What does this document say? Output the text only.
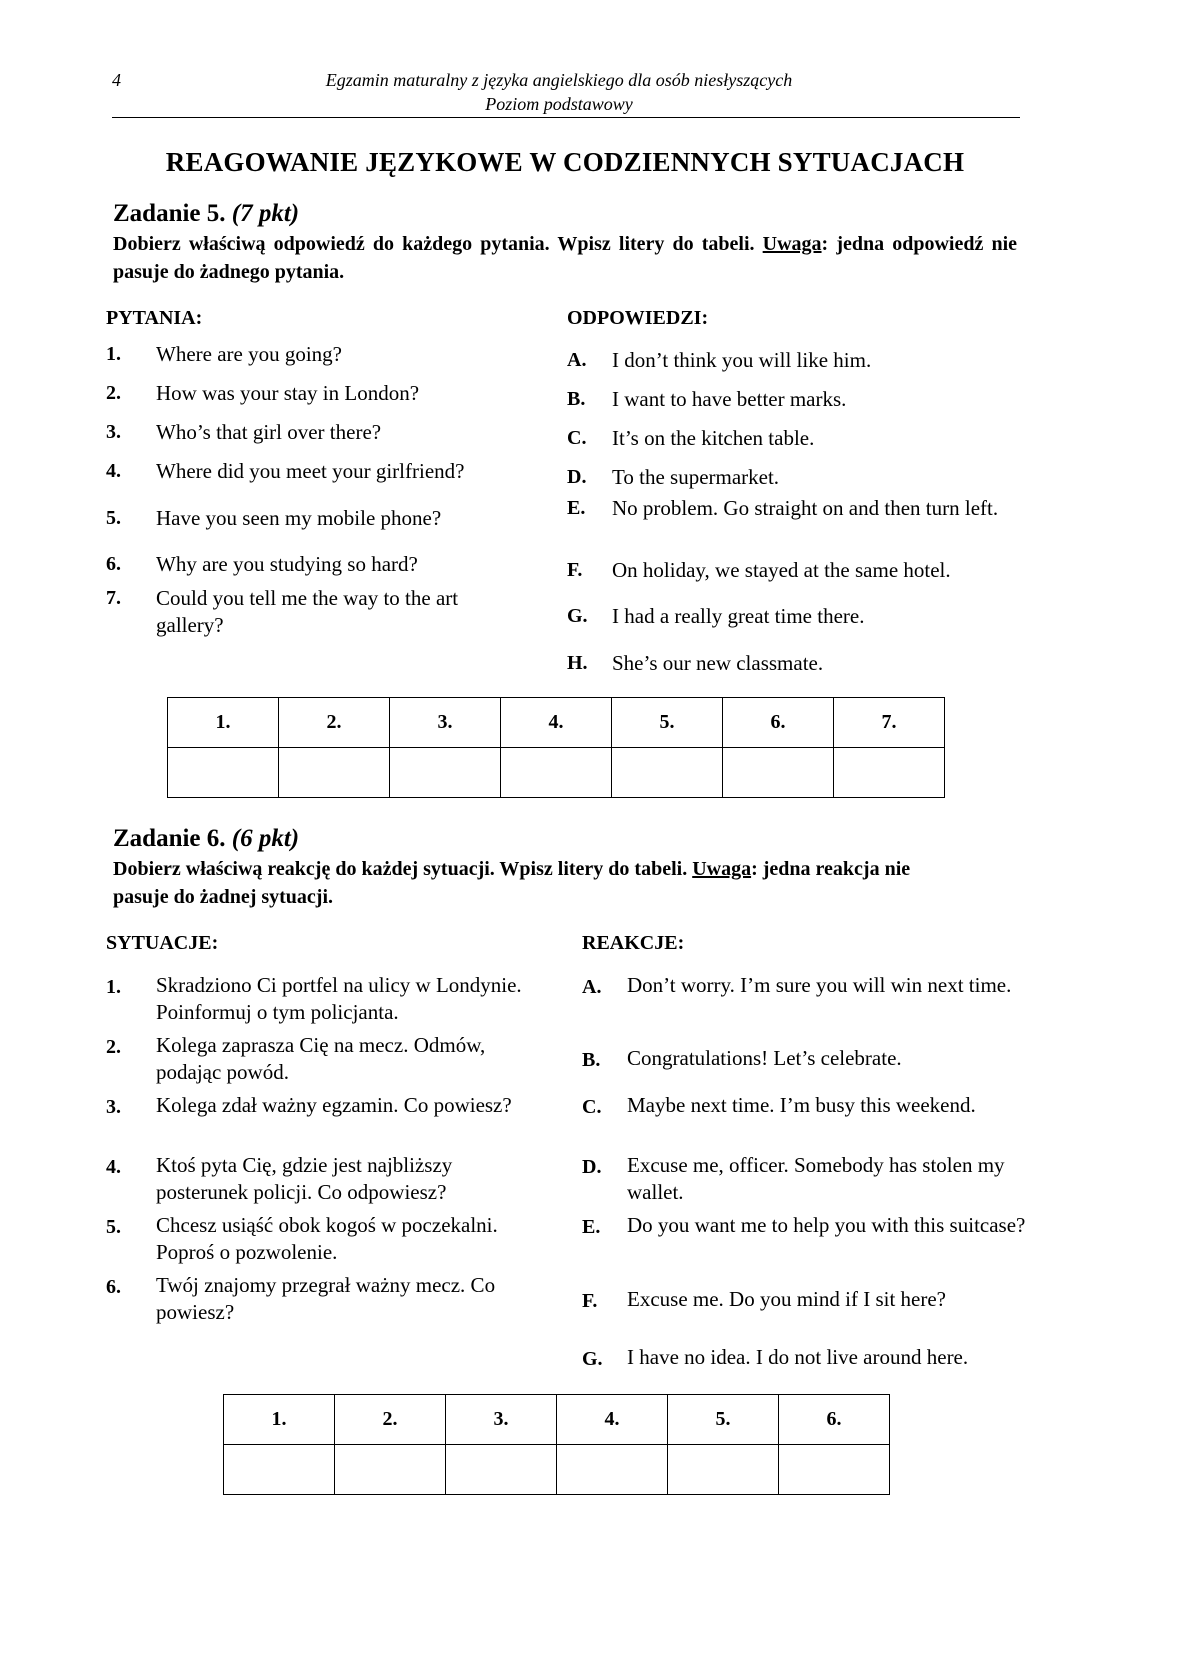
4	Egzamin maturalny z języka angielskiego dla osób niesłyszących
Poziom podstawowy
REAGOWANIE JĘZYKOWE W CODZIENNYCH SYTUACJACH
Zadanie 5. (7 pkt)
Dobierz właściwą odpowiedź do każdego pytania. Wpisz litery do tabeli. Uwaga: jedna odpowiedź nie pasuje do żadnego pytania.
PYTANIA:	ODPOWIEDZI:
1. Where are you going?
2. How was your stay in London?
3. Who’s that girl over there?
4. Where did you meet your girlfriend?
5. Have you seen my mobile phone?
6. Why are you studying so hard?
7. Could you tell me the way to the art gallery?
A. I don’t think you will like him.
B. I want to have better marks.
C. It’s on the kitchen table.
D. To the supermarket.
E. No problem. Go straight on and then turn left.
F. On holiday, we stayed at the same hotel.
G. I had a really great time there.
H. She’s our new classmate.
1.	2.	3.	4.	5.	6.	7.

Zadanie 6. (6 pkt)
Dobierz właściwą reakcję do każdej sytuacji. Wpisz litery do tabeli. Uwaga: jedna reakcja nie pasuje do żadnej sytuacji.
SYTUACJE:	REAKCJE:
1. Skradziono Ci portfel na ulicy w Londynie. Poinformuj o tym policjanta.
2. Kolega zaprasza Cię na mecz. Odmów, podając powód.
3. Kolega zdał ważny egzamin. Co powiesz?
4. Ktoś pyta Cię, gdzie jest najbliższy posterunek policji. Co odpowiesz?
5. Chcesz usiąść obok kogoś w poczekalni. Poproś o pozwolenie.
6. Twój znajomy przegrał ważny mecz. Co powiesz?
A. Don’t worry. I’m sure you will win next time.
B. Congratulations! Let’s celebrate.
C. Maybe next time. I’m busy this weekend.
D. Excuse me, officer. Somebody has stolen my wallet.
E. Do you want me to help you with this suitcase?
F. Excuse me. Do you mind if I sit here?
G. I have no idea. I do not live around here.
1.	2.	3.	4.	5.	6.
